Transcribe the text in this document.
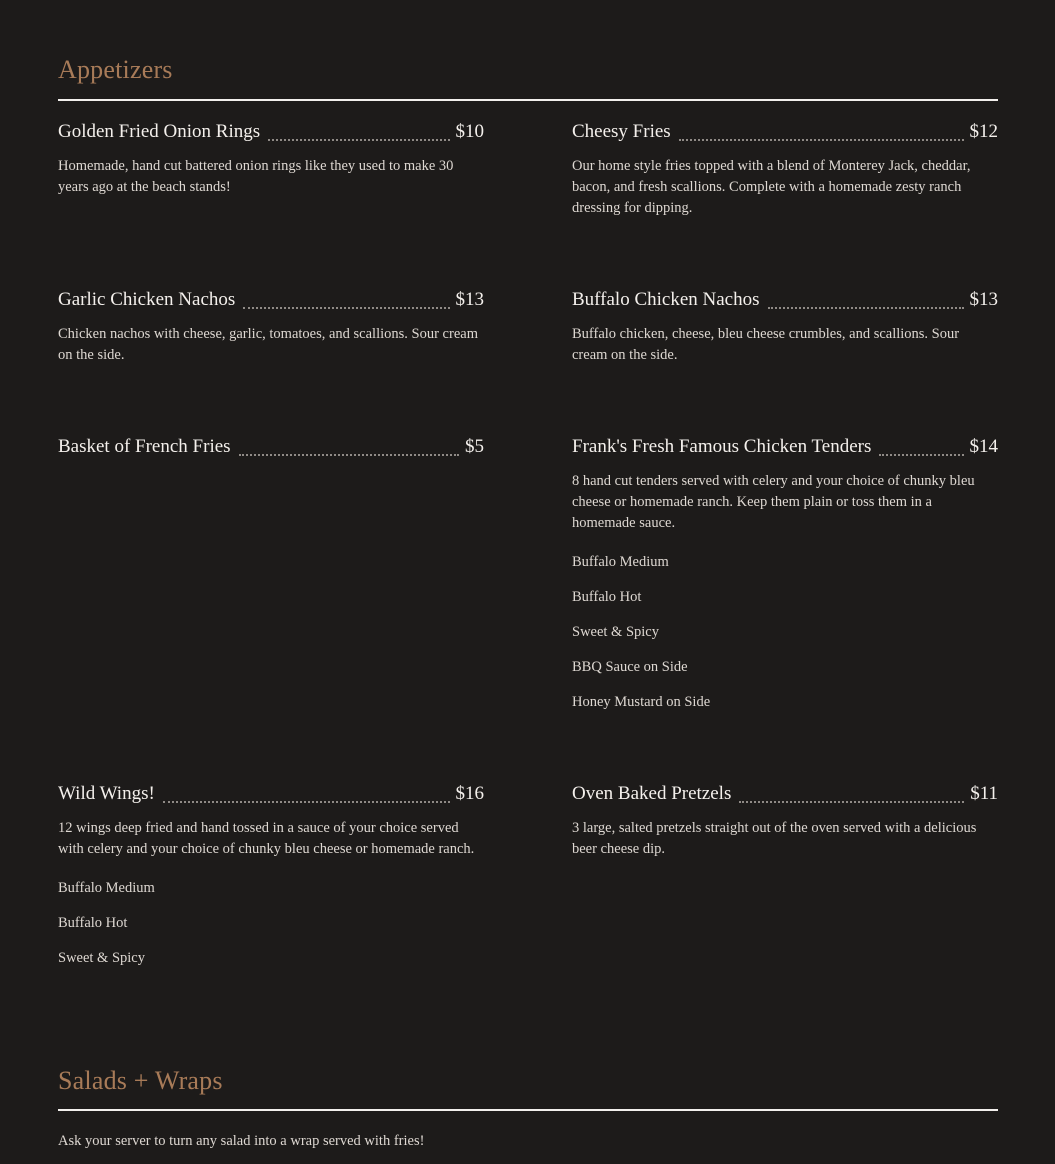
Appetizers
Golden Fried Onion Rings	$10

Homemade, hand cut battered onion rings like they used to make 30 years ago at the beach stands!

Cheesy Fries	$12

Our home style fries topped with a blend of Monterey Jack, cheddar, bacon, and fresh scallions. Complete with a homemade zesty ranch dressing for dipping.

Garlic Chicken Nachos	$13

Chicken nachos with cheese, garlic, tomatoes, and scallions. Sour cream on the side.

Buffalo Chicken Nachos	$13

Buffalo chicken, cheese, bleu cheese crumbles, and scallions. Sour cream on the side.

Basket of French Fries	$5	Frank's Fresh Famous Chicken Tenders	$14

8 hand cut tenders served with celery and your choice of chunky bleu cheese or homemade ranch. Keep them plain or toss them in a homemade sauce.

Buffalo Medium
Buffalo Hot
Sweet & Spicy
BBQ Sauce on Side
Honey Mustard on Side
Wild Wings!	$16

12 wings deep fried and hand tossed in a sauce of your choice served with celery and your choice of chunky bleu cheese or homemade ranch.

Buffalo Medium
Buffalo Hot
Sweet & Spicy
Oven Baked Pretzels	$11

3 large, salted pretzels straight out of the oven served with a delicious beer cheese dip.

Salads + Wraps

Ask your server to turn any salad into a wrap served with fries!
